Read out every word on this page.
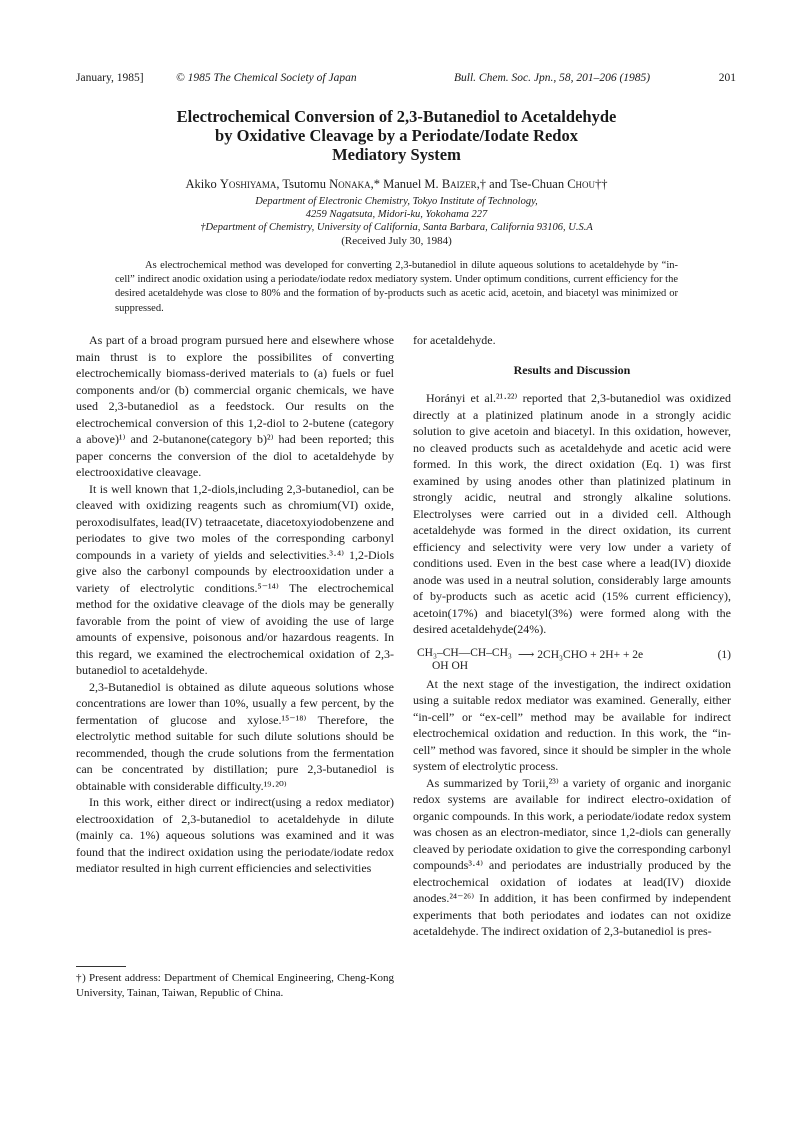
January, 1985]	© 1985 The Chemical Society of Japan	Bull. Chem. Soc. Jpn., 58, 201–206 (1985)	201
Electrochemical Conversion of 2,3-Butanediol to Acetaldehyde
by Oxidative Cleavage by a Periodate/Iodate Redox
Mediatory System
Akiko Yoshiyama, Tsutomu Nonaka,* Manuel M. Baizer,† and Tse-Chuan Chou††
Department of Electronic Chemistry, Tokyo Institute of Technology,
4259 Nagatsuta, Midori-ku, Yokohama 227
†Department of Chemistry, University of California, Santa Barbara, California 93106, U.S.A
(Received July 30, 1984)
As electrochemical method was developed for converting 2,3-butanediol in dilute aqueous solutions to acetaldehyde by “in-cell” indirect anodic oxidation using a periodate/iodate redox mediatory system. Under optimum conditions, current efficiency for the desired acetaldehyde was close to 80% and the formation of by-products such as acetic acid, acetoin, and biacetyl was minimized or suppressed.

As part of a broad program pursued here and elsewhere whose main thrust is to explore the possibilites of converting electrochemically biomass-derived materials to (a) fuels or fuel components and/or (b) commercial organic chemicals, we have used 2,3-butanediol as a feedstock. Our results on the electrochemical conversion of this 1,2-diol to 2-butene (category a above)¹⁾ and 2-butanone(category b)²⁾ had been reported; this paper concerns the conversion of the diol to acetaldehyde by electrooxidative cleavage.

It is well known that 1,2-diols,including 2,3-butanediol, can be cleaved with oxidizing reagents such as chromium(VI) oxide, peroxodisulfates, lead(IV) tetraacetate, diacetoxyiodobenzene and periodates to give two moles of the corresponding carbonyl compounds in a variety of yields and selectivities.³·⁴⁾ 1,2-Diols give also the carbonyl compounds by electrooxidation under a variety of electrolytic conditions.⁵⁻¹⁴⁾ The electrochemical method for the oxidative cleavage of the diols may be generally favorable from the point of view of avoiding the use of large amounts of expensive, poisonous and/or hazardous reagents. In this regard, we examined the electrochemical oxidation of 2,3-butanediol to acetaldehyde.

2,3-Butanediol is obtained as dilute aqueous solutions whose concentrations are lower than 10%, usually a few percent, by the fermentation of glucose and xylose.¹⁵⁻¹⁸⁾ Therefore, the electrolytic method suitable for such dilute solutions should be recommended, though the crude solutions from the fermentation can be concentrated by distillation; pure 2,3-butanediol is obtainable with considerable difficulty.¹⁹·²⁰⁾

In this work, either direct or indirect(using a redox mediator) electrooxidation of 2,3-butanediol to acetaldehyde in dilute (mainly ca. 1%) aqueous solutions was examined and it was found that the indirect oxidation using the periodate/iodate redox mediator resulted in high current efficiencies and selectivities

†) Present address: Department of Chemical Engineering, Cheng-Kong University, Tainan, Taiwan, Republic of China.

for acetaldehyde.

Results and Discussion

Horányi et al.²¹·²²⁾ reported that 2,3-butanediol was oxidized directly at a platinized platinum anode in a strongly acidic solution to give acetoin and biacetyl. In this oxidation, however, no cleaved products such as acetaldehyde and acetic acid were formed. In this work, the direct oxidation (Eq. 1) was first examined by using anodes other than platinized platinum in strongly acidic, neutral and strongly alkaline solutions. Electrolyses were carried out in a divided cell. Although acetaldehyde was formed in the direct oxidation, its current efficiency and selectivity were very low under a variety of conditions used. Even in the best case where a lead(IV) dioxide anode was used in a neutral solution, considerably large amounts of by-products such as acetic acid (15% current efficiency), acetoin(17%) and biacetyl(3%) were formed along with the desired acetaldehyde(24%).

CH₃–CH—CH–CH₃
OH OH
⟶ 2CH₃CHO + 2H+ + 2e	(1)

At the next stage of the investigation, the indirect oxidation using a suitable redox mediator was examined. Generally, either “in-cell” or “ex-cell” method may be available for indirect electrochemical oxidation and reduction. In this work, the “in-cell” method was favored, since it should be simpler in the whole system of electrolytic process.

As summarized by Torii,²³⁾ a variety of organic and inorganic redox systems are available for indirect electro-oxidation of organic compounds. In this work, a periodate/iodate redox system was chosen as an electron-mediator, since 1,2-diols can generally cleaved by periodate oxidation to give the corresponding carbonyl compounds³·⁴⁾ and periodates are industrially produced by the electrochemical oxidation of iodates at lead(IV) dioxide anodes.²⁴⁻²⁶⁾ In addition, it has been confirmed by independent experiments that both periodates and iodates can not oxidize acetaldehyde. The indirect oxidation of 2,3-butanediol is pres-
